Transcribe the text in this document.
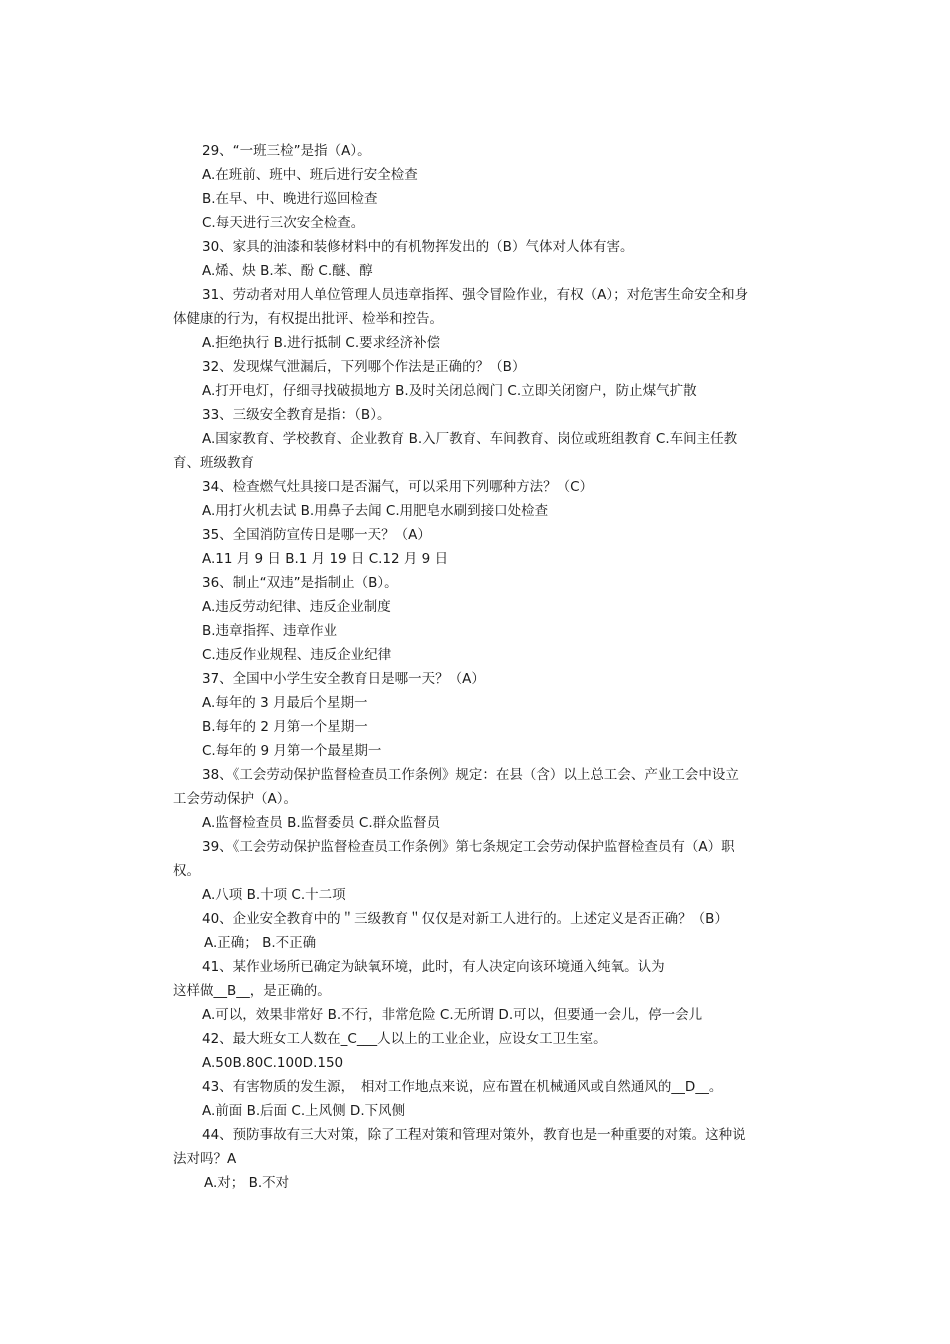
29、“一班三检”是指（A）。
A.在班前、班中、班后进行安全检查
B.在早、中、晚进行巡回检查
C.每天进行三次安全检查。
30、家具的油漆和装修材料中的有机物挥发出的（B）气体对人体有害。
A.烯、炔 B.苯、酚 C.醚、醇
31、劳动者对用人单位管理人员违章指挥、强令冒险作业，有权（A）；对危害生命安全和身
体健康的行为，有权提出批评、检举和控告。
A.拒绝执行 B.进行抵制 C.要求经济补偿
32、发现煤气泄漏后，下列哪个作法是正确的？（B）
A.打开电灯，仔细寻找破损地方 B.及时关闭总阀门 C.立即关闭窗户，防止煤气扩散
33、三级安全教育是指：（B）。
A.国家教育、学校教育、企业教育 B.入厂教育、车间教育、岗位或班组教育 C.车间主任教
育、班级教育
34、检查燃气灶具接口是否漏气，可以采用下列哪种方法？（C）
A.用打火机去试 B.用鼻子去闻 C.用肥皂水刷到接口处检查
35、全国消防宣传日是哪一天？（A）
A.11 月 9 日 B.1 月 19 日 C.12 月 9 日
36、制止“双违”是指制止（B）。
A.违反劳动纪律、违反企业制度
B.违章指挥、违章作业
C.违反作业规程、违反企业纪律
37、全国中小学生安全教育日是哪一天？（A）
A.每年的 3 月最后个星期一
B.每年的 2 月第一个星期一
C.每年的 9 月第一个最星期一
38、《工会劳动保护监督检查员工作条例》规定：在县（含）以上总工会、产业工会中设立
工会劳动保护（A）。
A.监督检查员 B.监督委员 C.群众监督员
39、《工会劳动保护监督检查员工作条例》第七条规定工会劳动保护监督检查员有（A）职
权。
A.八项 B.十项 C.十二项
40、企业安全教育中的＂三级教育＂仅仅是对新工人进行的。上述定义是否正确？（B）
A.正确； B.不正确
41、某作业场所已确定为缺氧环境，此时，有人决定向该环境通入纯氧。认为
这样做__B__，是正确的。
A.可以，效果非常好 B.不行，非常危险 C.无所谓 D.可以，但要通一会儿，停一会儿
42、最大班女工人数在_C___人以上的工业企业，应设女工卫生室。
A.50B.80C.100D.150
43、有害物质的发生源，　相对工作地点来说，应布置在机械通风或自然通风的__D__。
A.前面 B.后面 C.上风侧 D.下风侧
44、预防事故有三大对策，除了工程对策和管理对策外，教育也是一种重要的对策。这种说
法对吗？A
A.对； B.不对
